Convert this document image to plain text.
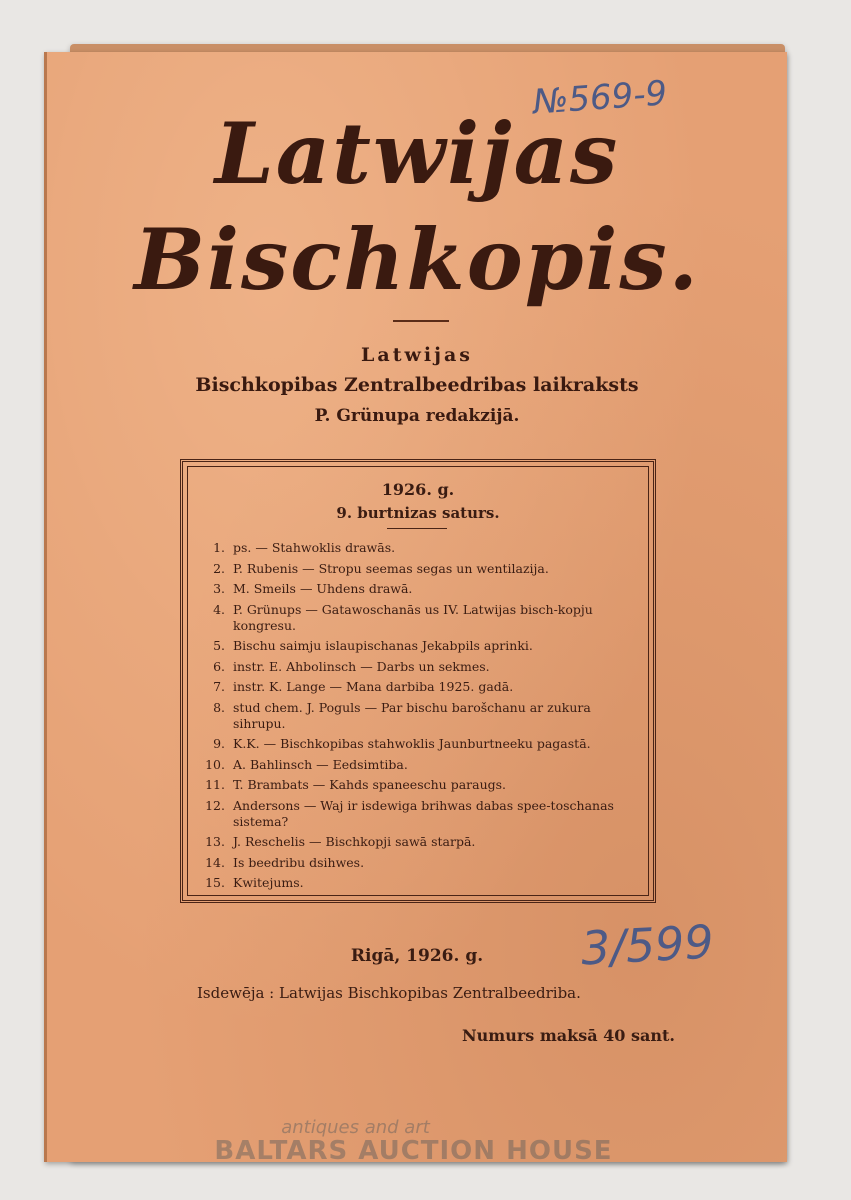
Latwijas
Bischkopis.
Latwijas
Bischkopibas Zentralbeedribas laikraksts
P. Grünupa redakzijā.
1926. g.
9. burtnizas saturs.
1. ps. — Stahwoklis drawās.
2. P. Rubenis — Stropu seemas segas un wentilazija.
3. M. Smeils — Uhdens drawā.
4. P. Grünups — Gatawoschanās us IV. Latwijas bisch-kopju kongresu.
5. Bischu saimju islaupischanas Jekabpils aprinki.
6. instr. E. Ahbolinsch — Darbs un sekmes.
7. instr. K. Lange — Mana darbiba 1925. gadā.
8. stud chem. J. Poguls — Par bischu barošchanu ar zukura sihrupu.
9. K.K. — Bischkopibas stahwoklis Jaunburtneeku pagastā.
10. A. Bahlinsch — Eedsimtiba.
11. T. Brambats — Kahds spaneeschu paraugs.
12. Andersons — Waj ir isdewiga brihwas dabas spee-toschanas sistema?
13. J. Reschelis — Bischkopji sawā starpā.
14. Is beedribu dsihwes.
15. Kwitejums.
Rigā, 1926. g.
Isdewēja : Latwijas Bischkopibas Zentralbeedriba.
Numurs maksā 40 sant.
№569-9
3/599
antiques and art
BALTARS AUCTION HOUSE
